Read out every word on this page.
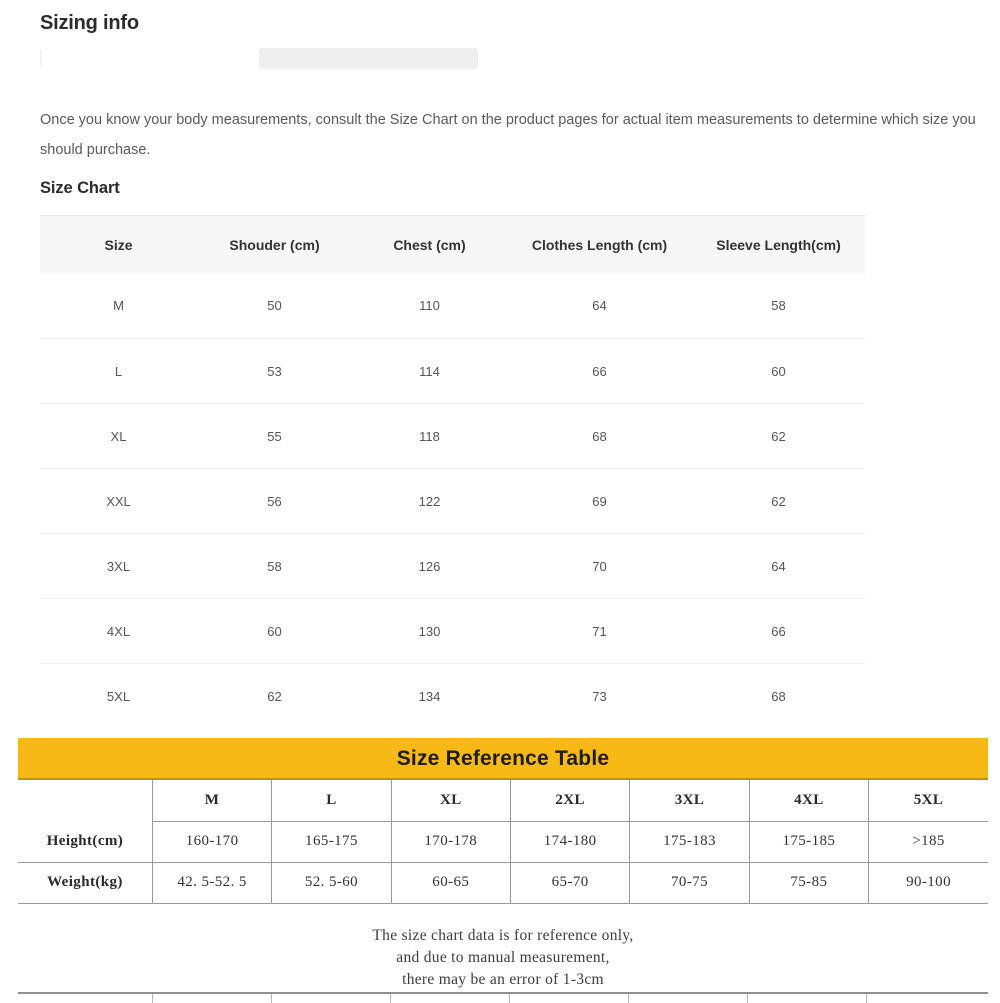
Sizing info

Once you know your body measurements, consult the Size Chart on the product pages for actual item measurements to determine which size you should purchase.

Size Chart
Size	Shouder (cm)	Chest (cm)	Clothes Length (cm)	Sleeve Length(cm)
M	50	110	64	58
L	53	114	66	60
XL	55	118	68	62
XXL	56	122	69	62
3XL	58	126	70	64
4XL	60	130	71	66
5XL	62	134	73	68
Size Reference Table
	M	L	XL	2XL	3XL	4XL	5XL
Height(cm)	160-170	165-175	170-178	174-180	175-183	175-185	>185
Weight(kg)	42. 5-52. 5	52. 5-60	60-65	65-70	70-75	75-85	90-100
The size chart data is for reference only,
and due to manual measurement,
there may be an error of 1-3cm
